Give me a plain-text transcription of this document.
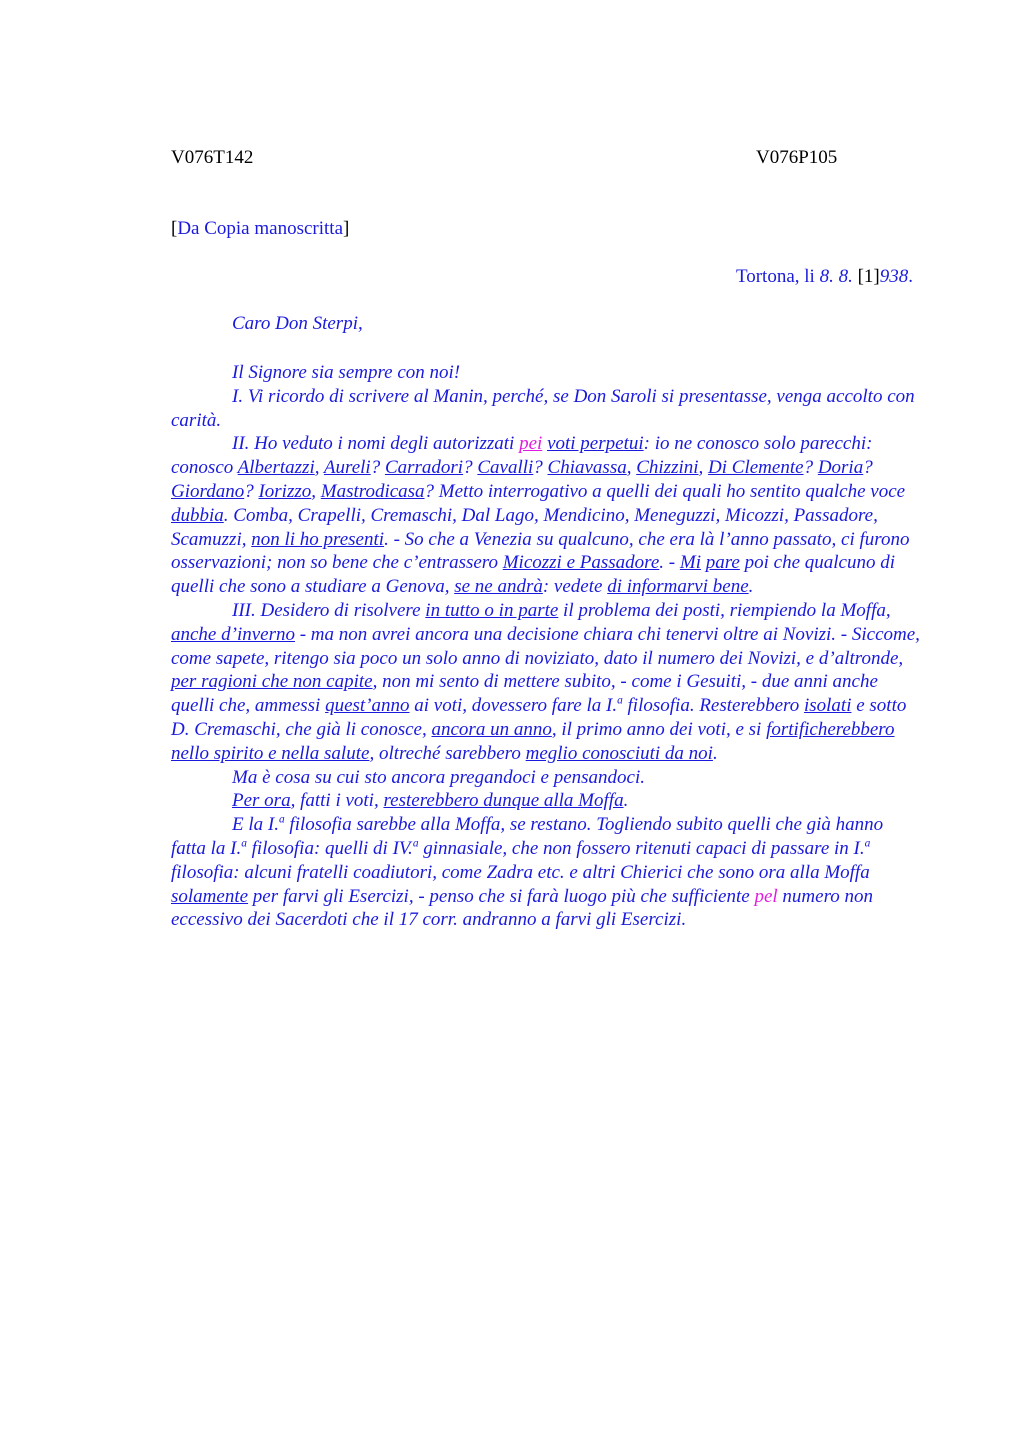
V076T142	V076P105
[Da Copia manoscritta]
Tortona, li 8. 8. [1]938.
Caro Don Sterpi,

Il Signore sia sempre con noi!

I. Vi ricordo di scrivere al Manin, perché, se Don Saroli si presentasse, venga accolto con carità.

II. Ho veduto i nomi degli autorizzati pei voti perpetui: io ne conosco solo parecchi: conosco Albertazzi, Aureli? Carradori? Cavalli? Chiavassa, Chizzini, Di Clemente? Doria? Giordano? Iorizzo, Mastrodicasa? Metto interrogativo a quelli dei quali ho sentito qualche voce dubbia. Comba, Crapelli, Cremaschi, Dal Lago, Mendicino, Meneguzzi, Micozzi, Passadore, Scamuzzi, non li ho presenti. - So che a Venezia su qualcuno, che era là l’anno passato, ci furono osservazioni; non so bene che c’entrassero Micozzi e Passadore. - Mi pare poi che qualcuno di quelli che sono a studiare a Genova, se ne andrà: vedete di informarvi bene.

III. Desidero di risolvere in tutto o in parte il problema dei posti, riempiendo la Moffa, anche d’inverno - ma non avrei ancora una decisione chiara chi tenervi oltre ai Novizi. - Siccome, come sapete, ritengo sia poco un solo anno di noviziato, dato il numero dei Novizi, e d’altronde, per ragioni che non capite, non mi sento di mettere subito, - come i Gesuiti, - due anni anche quelli che, ammessi quest’anno ai voti, dovessero fare la I.$^a$ filosofia. Resterebbero isolati e sotto D. Cremaschi, che già li conosce, ancora un anno, il primo anno dei voti, e si fortificherebbero nello spirito e nella salute, oltreché sarebbero meglio conosciuti da noi.

Ma è cosa su cui sto ancora pregandoci e pensandoci.

Per ora, fatti i voti, resterebbero dunque alla Moffa.

E la I.$^a$ filosofia sarebbe alla Moffa, se restano. Togliendo subito quelli che già hanno fatta la I.$^a$ filosofia: quelli di IV.$^a$ ginnasiale, che non fossero ritenuti capaci di passare in I.$^a$ filosofia: alcuni fratelli coadiutori, come Zadra etc. e altri Chierici che sono ora alla Moffa solamente per farvi gli Esercizi, - penso che si farà luogo più che sufficiente pel numero non eccessivo dei Sacerdoti che il 17 corr. andranno a farvi gli Esercizi.
